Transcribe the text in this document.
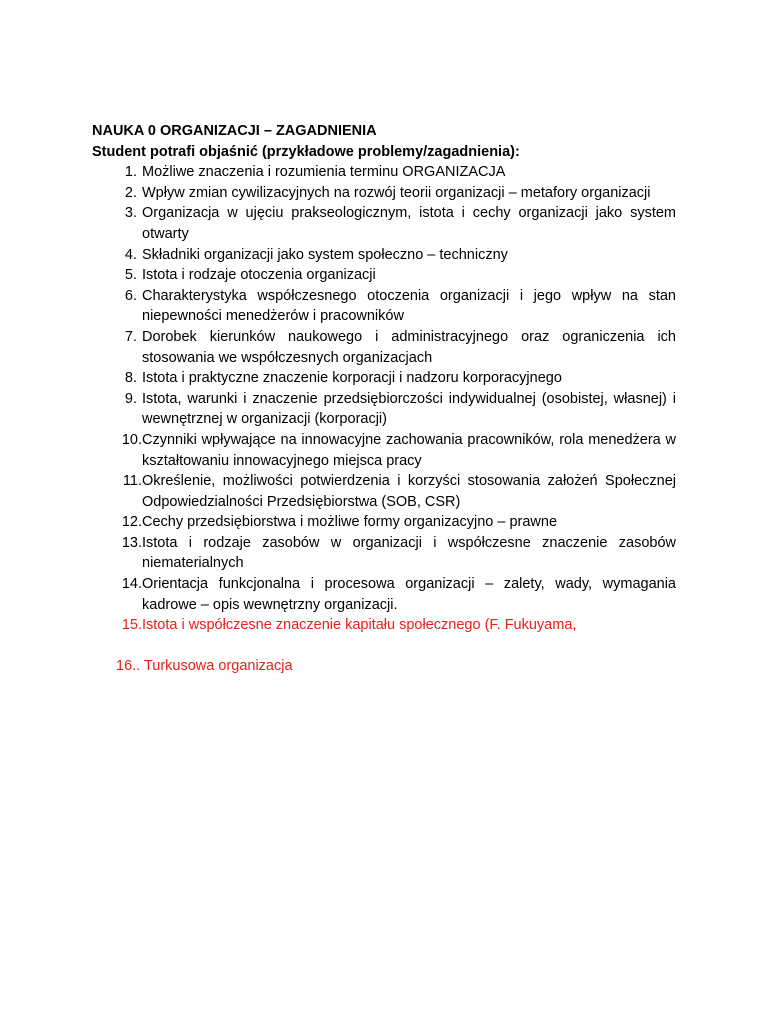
NAUKA 0 ORGANIZACJI – ZAGADNIENIA
Student potrafi objaśnić (przykładowe problemy/zagadnienia):
1. Możliwe znaczenia i rozumienia terminu ORGANIZACJA
2. Wpływ zmian cywilizacyjnych na rozwój teorii organizacji – metafory organizacji
3. Organizacja w ujęciu prakseologicznym, istota i cechy organizacji jako system otwarty
4. Składniki organizacji jako system społeczno – techniczny
5. Istota i rodzaje otoczenia organizacji
6. Charakterystyka współczesnego otoczenia organizacji i jego wpływ na stan niepewności menedżerów i pracowników
7. Dorobek kierunków naukowego i administracyjnego oraz ograniczenia ich stosowania we współczesnych organizacjach
8. Istota i praktyczne znaczenie korporacji i nadzoru korporacyjnego
9. Istota, warunki i znaczenie przedsiębiorczości indywidualnej (osobistej, własnej) i wewnętrznej w organizacji (korporacji)
10. Czynniki wpływające na innowacyjne zachowania pracowników, rola menedżera w kształtowaniu innowacyjnego miejsca pracy
11. Określenie, możliwości potwierdzenia i korzyści stosowania założeń Społecznej Odpowiedzialności Przedsiębiorstwa (SOB, CSR)
12. Cechy przedsiębiorstwa i możliwe formy organizacyjno – prawne
13. Istota i rodzaje zasobów w organizacji i współczesne znaczenie zasobów niematerialnych
14. Orientacja funkcjonalna i procesowa organizacji – zalety, wady, wymagania kadrowe – opis wewnętrzny organizacji.
15. Istota i współczesne znaczenie kapitału społecznego (F. Fukuyama,
16.. Turkusowa organizacja
